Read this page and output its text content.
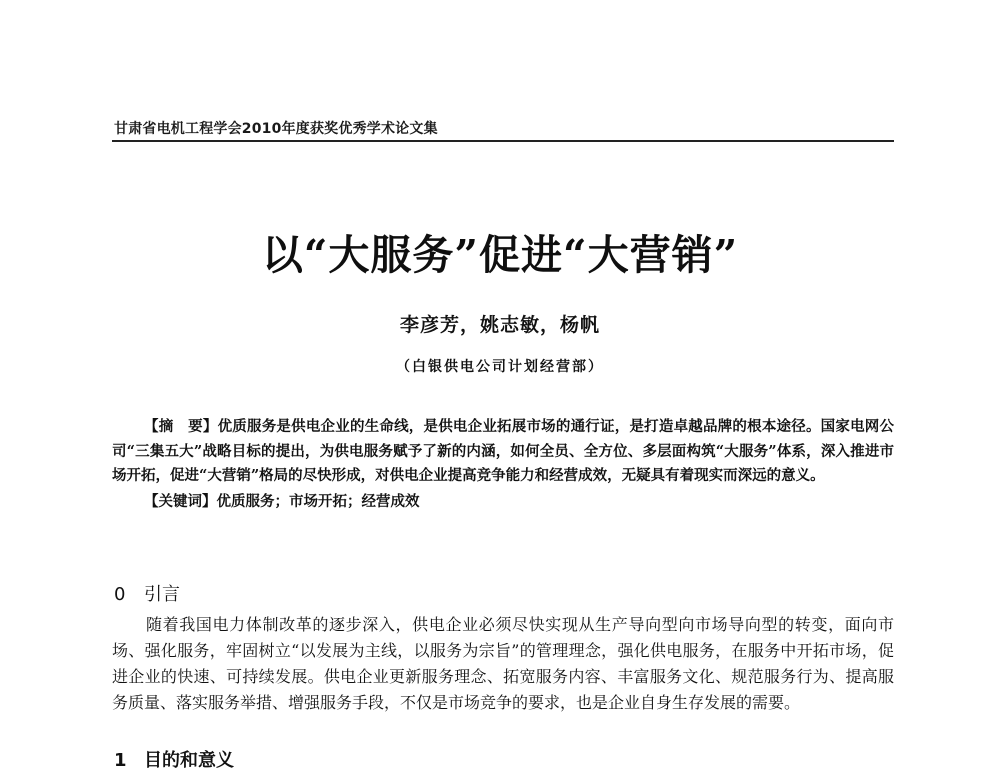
甘肃省电机工程学会2010年度获奖优秀学术论文集
以“大服务”促进“大营销”
李彦芳，姚志敏，杨帆
（白银供电公司计划经营部）

【摘　要】优质服务是供电企业的生命线，是供电企业拓展市场的通行证，是打造卓越品牌的根本途径。国家电网公司“三集五大”战略目标的提出，为供电服务赋予了新的内涵，如何全员、全方位、多层面构筑“大服务”体系，深入推进市场开拓，促进“大营销”格局的尽快形成，对供电企业提高竞争能力和经营成效，无疑具有着现实而深远的意义。

【关键词】优质服务；市场开拓；经营成效

0 引言

随着我国电力体制改革的逐步深入，供电企业必须尽快实现从生产导向型向市场导向型的转变，面向市场、强化服务，牢固树立“以发展为主线，以服务为宗旨”的管理理念，强化供电服务，在服务中开拓市场，促进企业的快速、可持续发展。供电企业更新服务理念、拓宽服务内容、丰富服务文化、规范服务行为、提高服务质量、落实服务举措、增强服务手段，不仅是市场竞争的要求，也是企业自身生存发展的需要。

1 目的和意义
